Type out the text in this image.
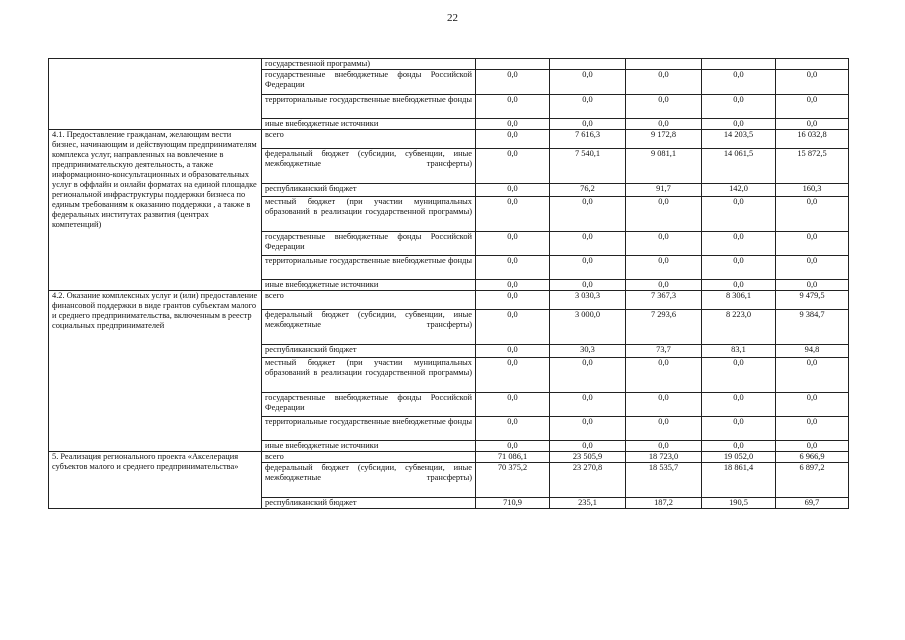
22
	государственной программы)					
	государственные внебюджетные фонды Российской Федерации	0,0	0,0	0,0	0,0	0,0
	территориальные государственные внебюджетные фонды	0,0	0,0	0,0	0,0	0,0
	иные внебюджетные источники	0,0	0,0	0,0	0,0	0,0
4.1. Предоставление гражданам, желающим вести бизнес, начинающим и действующим предпринимателям комплекса услуг, направленных на вовлечение в предпринимательскую деятельность, а также информационно-консультационных и образовательных услуг в оффлайн и онлайн форматах на единой площадке региональной инфраструктуры поддержки бизнеса по единым требованиям к оказанию поддержки , а также в федеральных институтах развития (центрах компетенций)	всего	0,0	7 616,3	9 172,8	14 203,5	16 032,8
	федеральный бюджет (субсидии, субвенции, иные межбюджетные трансферты)	0,0	7 540,1	9 081,1	14 061,5	15 872,5
	республиканский бюджет	0,0	76,2	91,7	142,0	160,3
	местный бюджет (при участии муниципальных образований в реализации государственной программы)	0,0	0,0	0,0	0,0	0,0
	государственные внебюджетные фонды Российской Федерации	0,0	0,0	0,0	0,0	0,0
	территориальные государственные внебюджетные фонды	0,0	0,0	0,0	0,0	0,0
	иные внебюджетные источники	0,0	0,0	0,0	0,0	0,0
4.2. Оказание комплексных услуг и (или) предоставление финансовой поддержки в виде грантов субъектам малого и среднего предпринимательства, включенным в реестр социальных предпринимателей	всего	0,0	3 030,3	7 367,3	8 306,1	9 479,5
	федеральный бюджет (субсидии, субвенции, иные межбюджетные трансферты)	0,0	3 000,0	7 293,6	8 223,0	9 384,7
	республиканский бюджет	0,0	30,3	73,7	83,1	94,8
	местный бюджет (при участии муниципальных образований в реализации государственной программы)	0,0	0,0	0,0	0,0	0,0
	государственные внебюджетные фонды Российской Федерации	0,0	0,0	0,0	0,0	0,0
	территориальные государственные внебюджетные фонды	0,0	0,0	0,0	0,0	0,0
	иные внебюджетные источники	0,0	0,0	0,0	0,0	0,0
5. Реализация регионального проекта «Акселерация субъектов малого и среднего предпринимательства»	всего	71 086,1	23 505,9	18 723,0	19 052,0	6 966,9
	федеральный бюджет (субсидии, субвенции, иные межбюджетные трансферты)	70 375,2	23 270,8	18 535,7	18 861,4	6 897,2
	республиканский бюджет	710,9	235,1	187,2	190,5	69,7
